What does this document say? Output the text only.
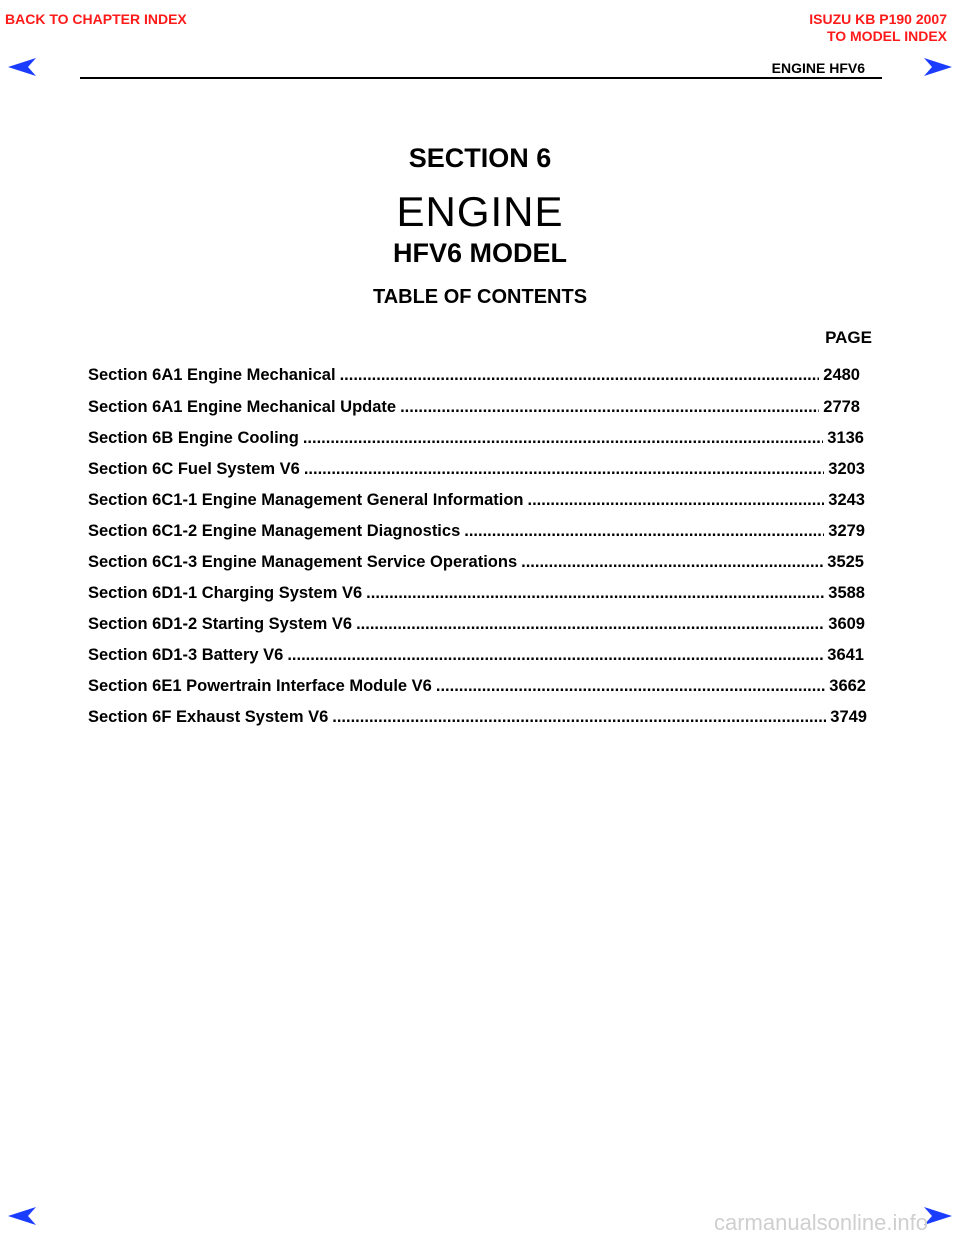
BACK TO CHAPTER INDEX	ISUZU KB P190 2007
TO MODEL INDEX
ENGINE HFV6
SECTION 6
ENGINE
HFV6 MODEL
TABLE OF CONTENTS
PAGE
Section 6A1 Engine Mechanical .....	2480
Section 6A1 Engine Mechanical Update .....	2778
Section 6B Engine Cooling .....	3136
Section 6C Fuel System V6 .....	3203
Section 6C1-1 Engine Management General Information .....	3243
Section 6C1-2 Engine Management Diagnostics .....	3279
Section 6C1-3 Engine Management Service Operations .....	3525
Section 6D1-1 Charging System V6 .....	3588
Section 6D1-2 Starting System V6 .....	3609
Section 6D1-3 Battery V6 .....	3641
Section 6E1 Powertrain Interface Module V6 .....	3662
Section 6F Exhaust System V6 .....	3749
carmanualsonline.info
